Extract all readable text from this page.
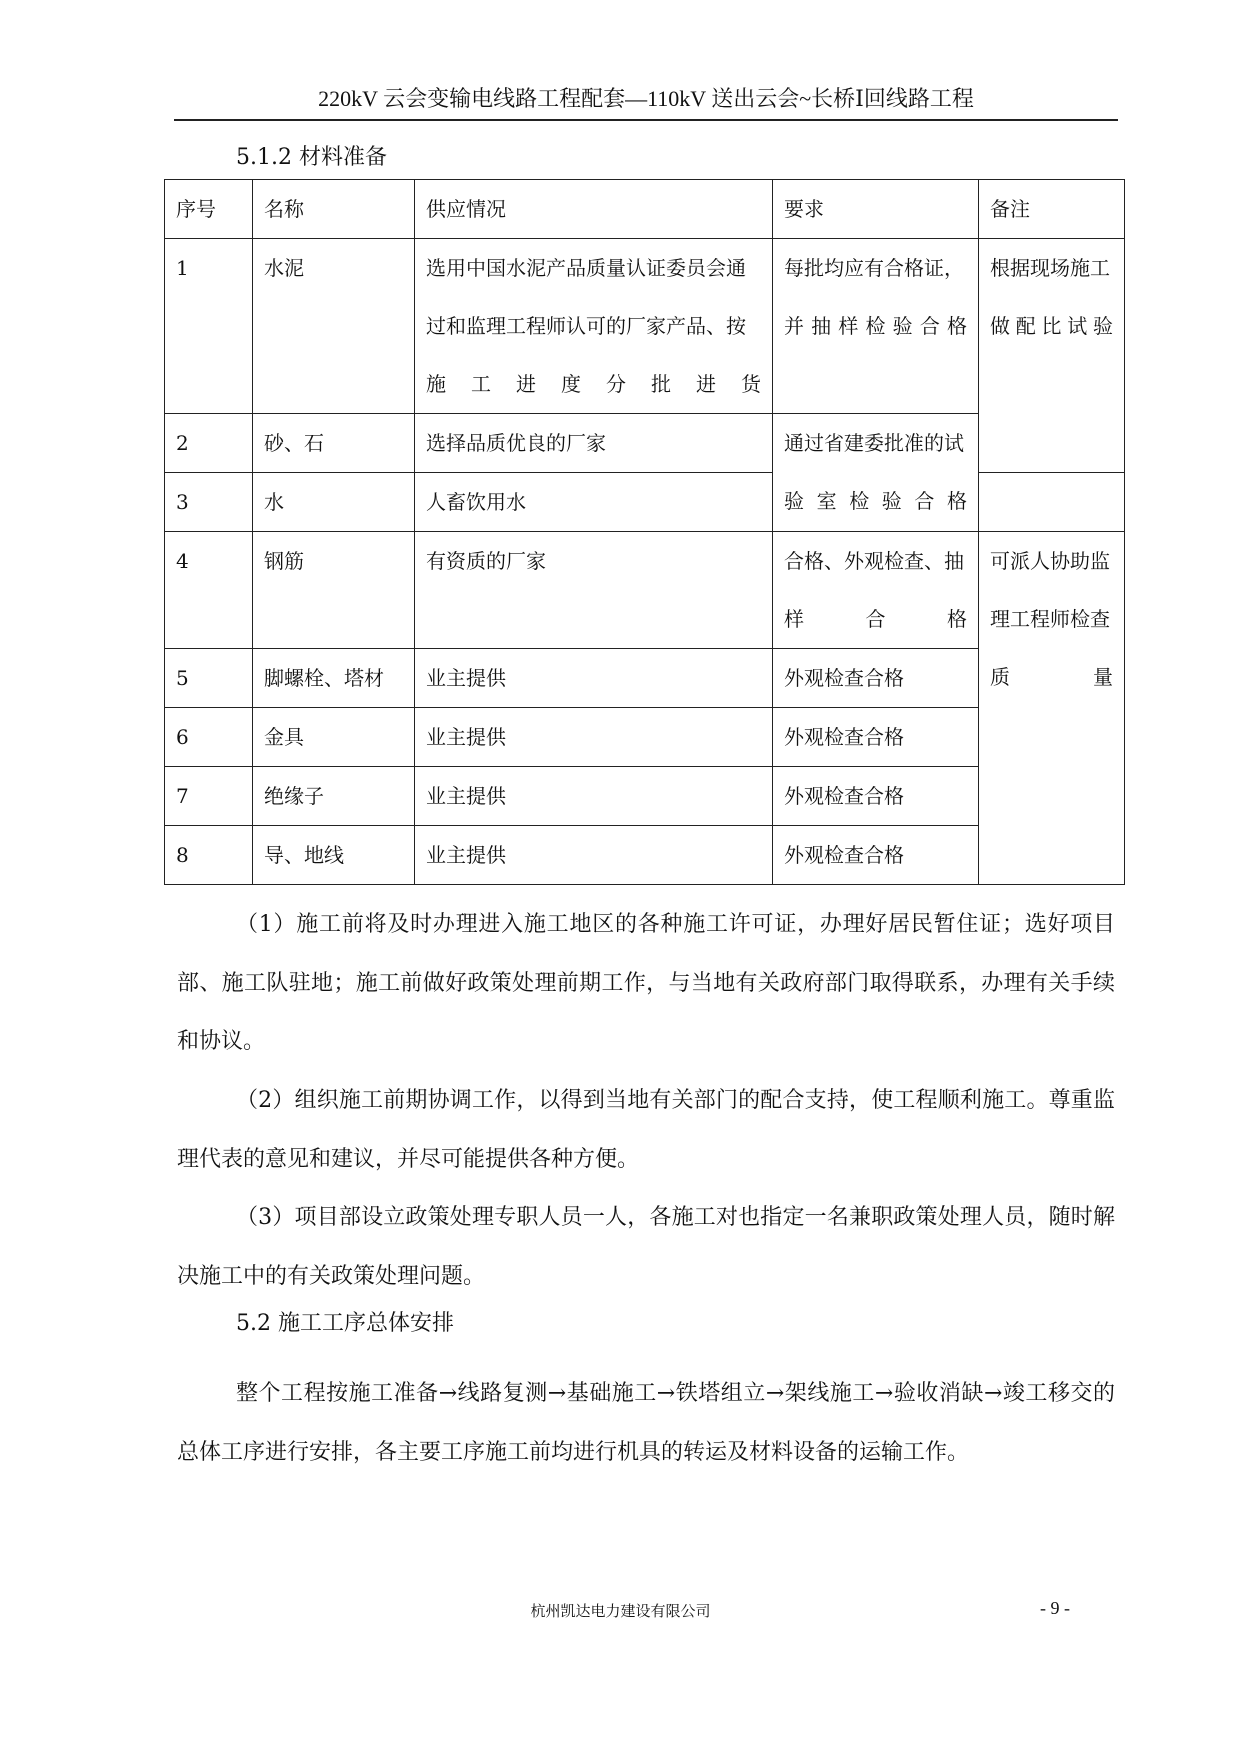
220kV 云会变输电线路工程配套—110kV 送出云会~长桥Ⅰ回线路工程
5.1.2 材料准备
序号	名称	供应情况	要求	备注
1	水泥	选用中国水泥产品质量认证委员会通过和监理工程师认可的厂家产品、按施工进度分批进货	每批均应有合格证，并抽样检验合格	根据现场施工做配比试验
2	砂、石	选择品质优良的厂家	通过省建委批准的试验室检验合格	
3	水	人畜饮用水		
4	钢筋	有资质的厂家	合格、外观检查、抽样合格	可派人协助监理工程师检查质量
5	脚螺栓、塔材	业主提供	外观检查合格	
6	金具	业主提供	外观检查合格	
7	绝缘子	业主提供	外观检查合格	
8	导、地线	业主提供	外观检查合格	

（1）施工前将及时办理进入施工地区的各种施工许可证，办理好居民暂住证；选好项目部、施工队驻地；施工前做好政策处理前期工作，与当地有关政府部门取得联系，办理有关手续和协议。

（2）组织施工前期协调工作，以得到当地有关部门的配合支持，使工程顺利施工。尊重监理代表的意见和建议，并尽可能提供各种方便。

（3）项目部设立政策处理专职人员一人，各施工对也指定一名兼职政策处理人员，随时解决施工中的有关政策处理问题。

5.2 施工工序总体安排

整个工程按施工准备→线路复测→基础施工→铁塔组立→架线施工→验收消缺→竣工移交的总体工序进行安排，各主要工序施工前均进行机具的转运及材料设备的运输工作。

杭州凯达电力建设有限公司	- 9 -
